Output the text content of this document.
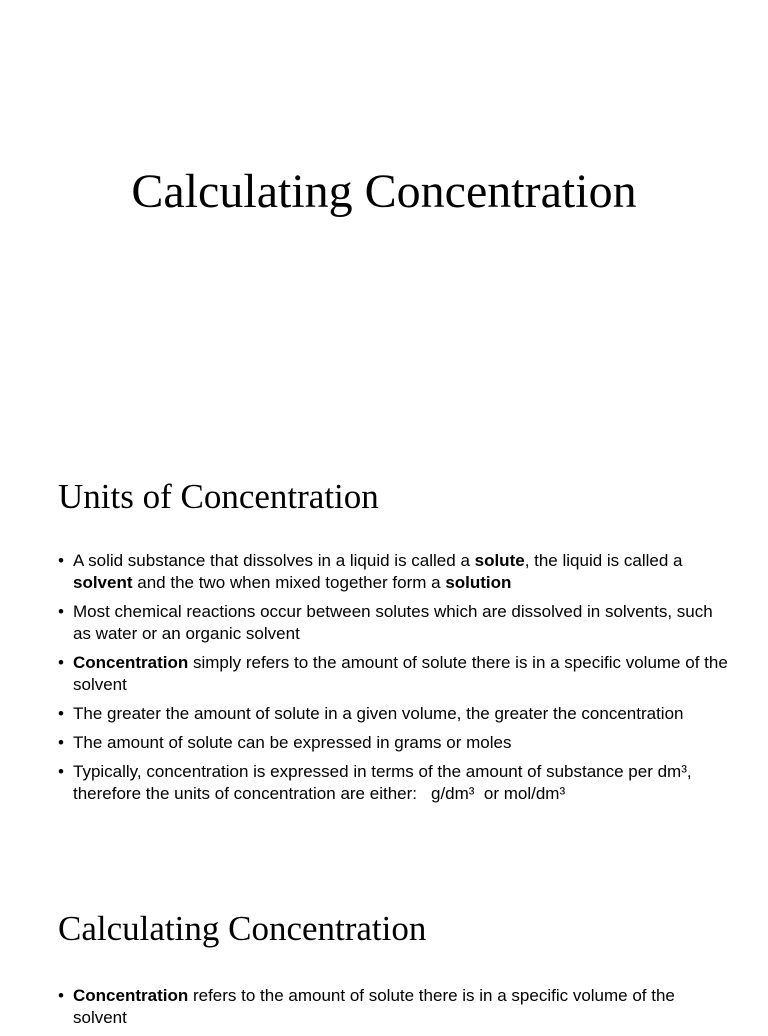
Calculating Concentration
Units of Concentration
• A solid substance that dissolves in a liquid is called a solute, the liquid is called a solvent and the two when mixed together form a solution
• Most chemical reactions occur between solutes which are dissolved in solvents, such as water or an organic solvent
• Concentration simply refers to the amount of solute there is in a specific volume of the solvent
• The greater the amount of solute in a given volume, the greater the concentration
• The amount of solute can be expressed in grams or moles
• Typically, concentration is expressed in terms of the amount of substance per dm³, therefore the units of concentration are either: g/dm³  or mol/dm³
Calculating Concentration
• Concentration refers to the amount of solute there is in a specific volume of the solvent
